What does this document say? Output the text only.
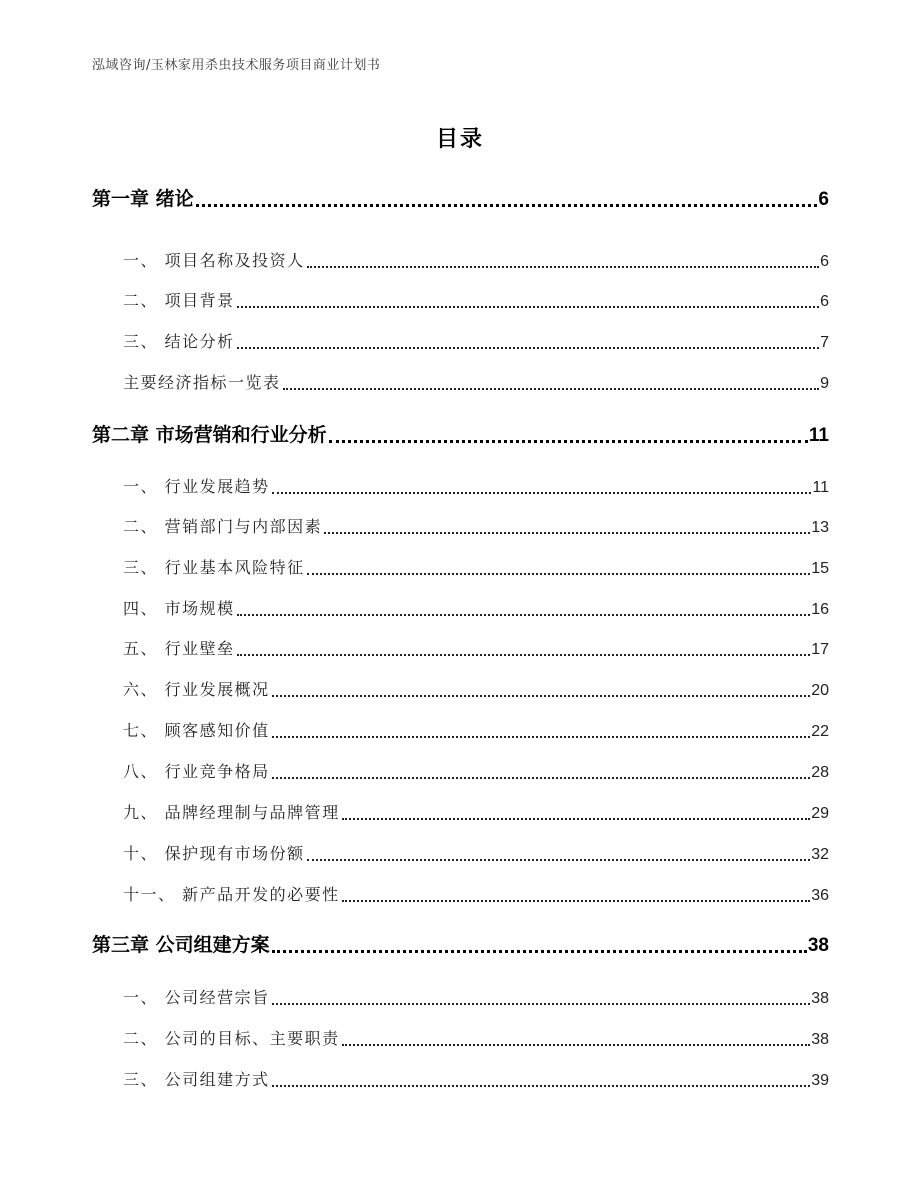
泓域咨询/玉林家用杀虫技术服务项目商业计划书
目录
第一章 绪论	6
一、 项目名称及投资人	6
二、 项目背景	6
三、 结论分析	7
主要经济指标一览表	9
第二章 市场营销和行业分析	11
一、 行业发展趋势	11
二、 营销部门与内部因素	13
三、 行业基本风险特征	15
四、 市场规模	16
五、 行业壁垒	17
六、 行业发展概况	20
七、 顾客感知价值	22
八、 行业竞争格局	28
九、 品牌经理制与品牌管理	29
十、 保护现有市场份额	32
十一、 新产品开发的必要性	36
第三章 公司组建方案	38
一、 公司经营宗旨	38
二、 公司的目标、主要职责	38
三、 公司组建方式	39
